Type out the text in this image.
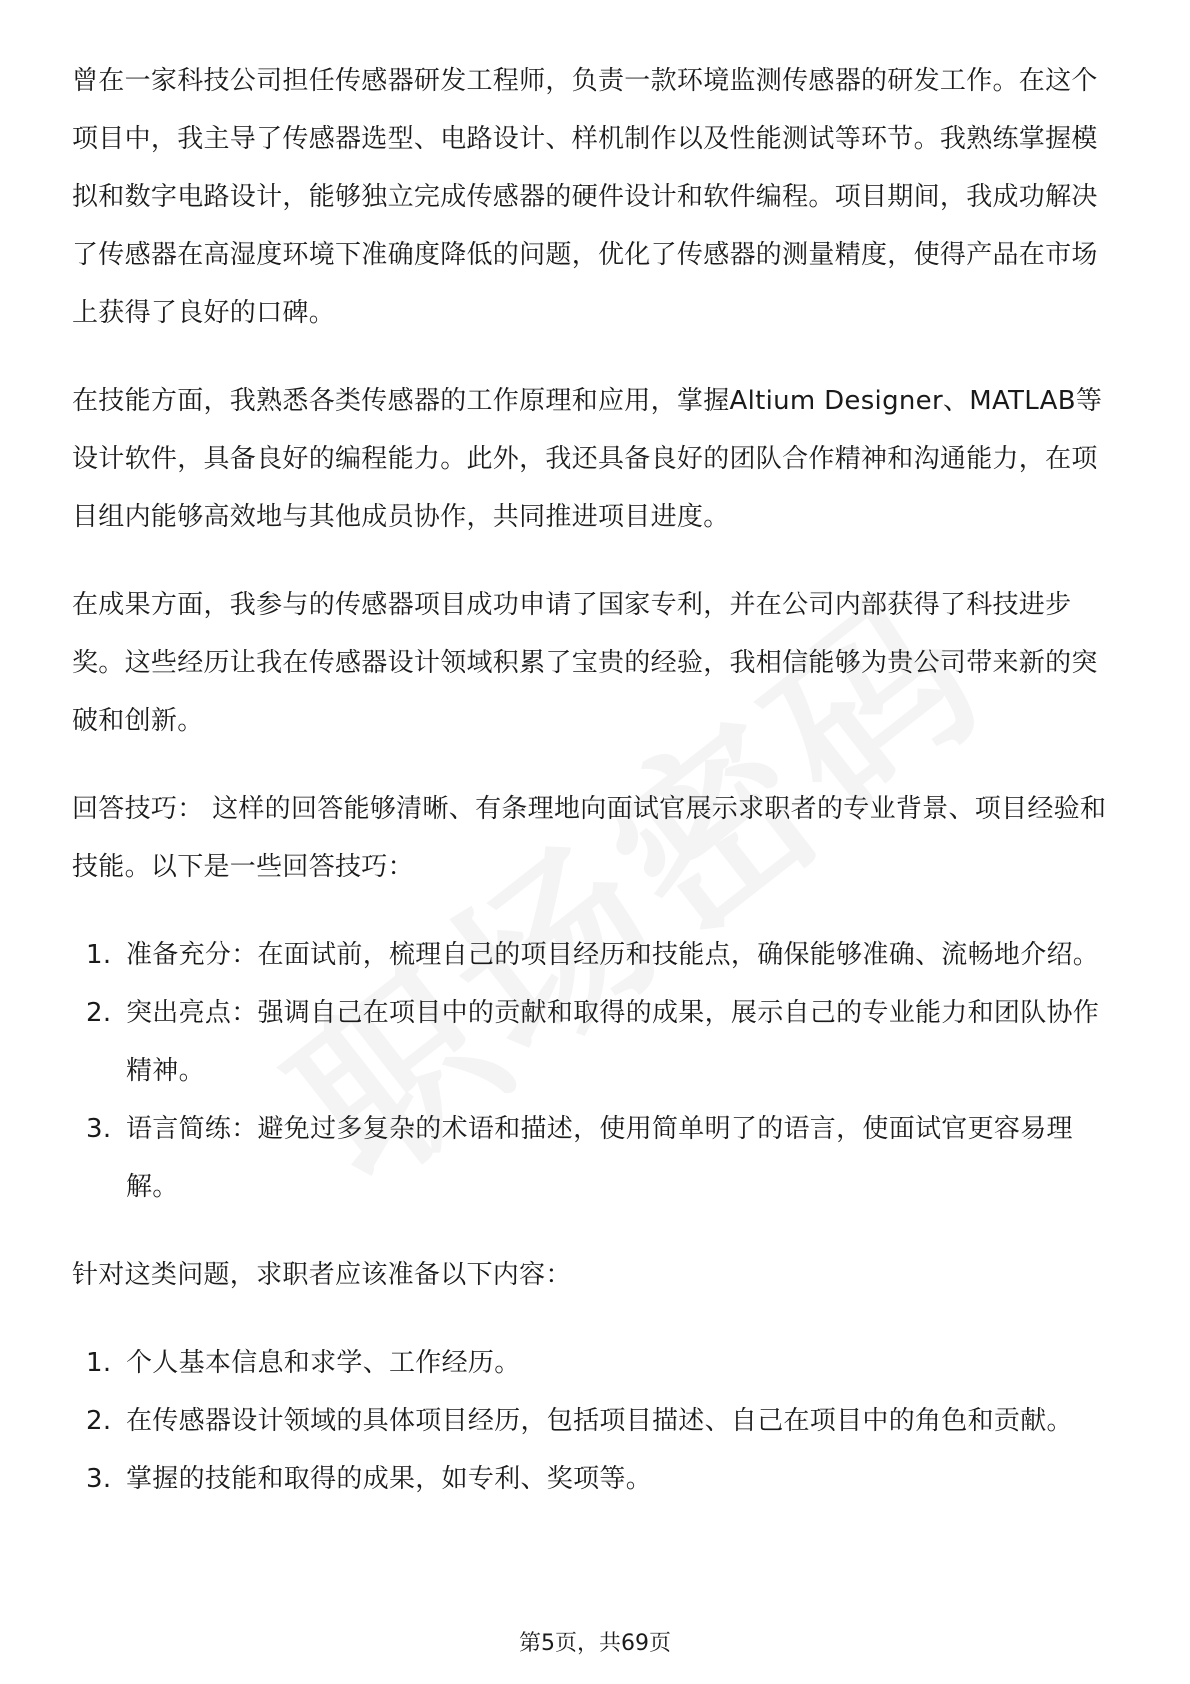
曾在一家科技公司担任传感器研发工程师，负责一款环境监测传感器的研发工作。在这个项目中，我主导了传感器选型、电路设计、样机制作以及性能测试等环节。我熟练掌握模拟和数字电路设计，能够独立完成传感器的硬件设计和软件编程。项目期间，我成功解决了传感器在高湿度环境下准确度降低的问题，优化了传感器的测量精度，使得产品在市场上获得了良好的口碑。

在技能方面，我熟悉各类传感器的工作原理和应用，掌握Altium Designer、MATLAB等设计软件，具备良好的编程能力。此外，我还具备良好的团队合作精神和沟通能力，在项目组内能够高效地与其他成员协作，共同推进项目进度。

在成果方面，我参与的传感器项目成功申请了国家专利，并在公司内部获得了科技进步奖。这些经历让我在传感器设计领域积累了宝贵的经验，我相信能够为贵公司带来新的突破和创新。

回答技巧： 这样的回答能够清晰、有条理地向面试官展示求职者的专业背景、项目经验和技能。以下是一些回答技巧：

1. 准备充分：在面试前，梳理自己的项目经历和技能点，确保能够准确、流畅地介绍。
2. 突出亮点：强调自己在项目中的贡献和取得的成果，展示自己的专业能力和团队协作精神。
3. 语言简练：避免过多复杂的术语和描述，使用简单明了的语言，使面试官更容易理解。

针对这类问题，求职者应该准备以下内容：

1. 个人基本信息和求学、工作经历。
2. 在传感器设计领域的具体项目经历，包括项目描述、自己在项目中的角色和贡献。
3. 掌握的技能和取得的成果，如专利、奖项等。
第5页，共69页
